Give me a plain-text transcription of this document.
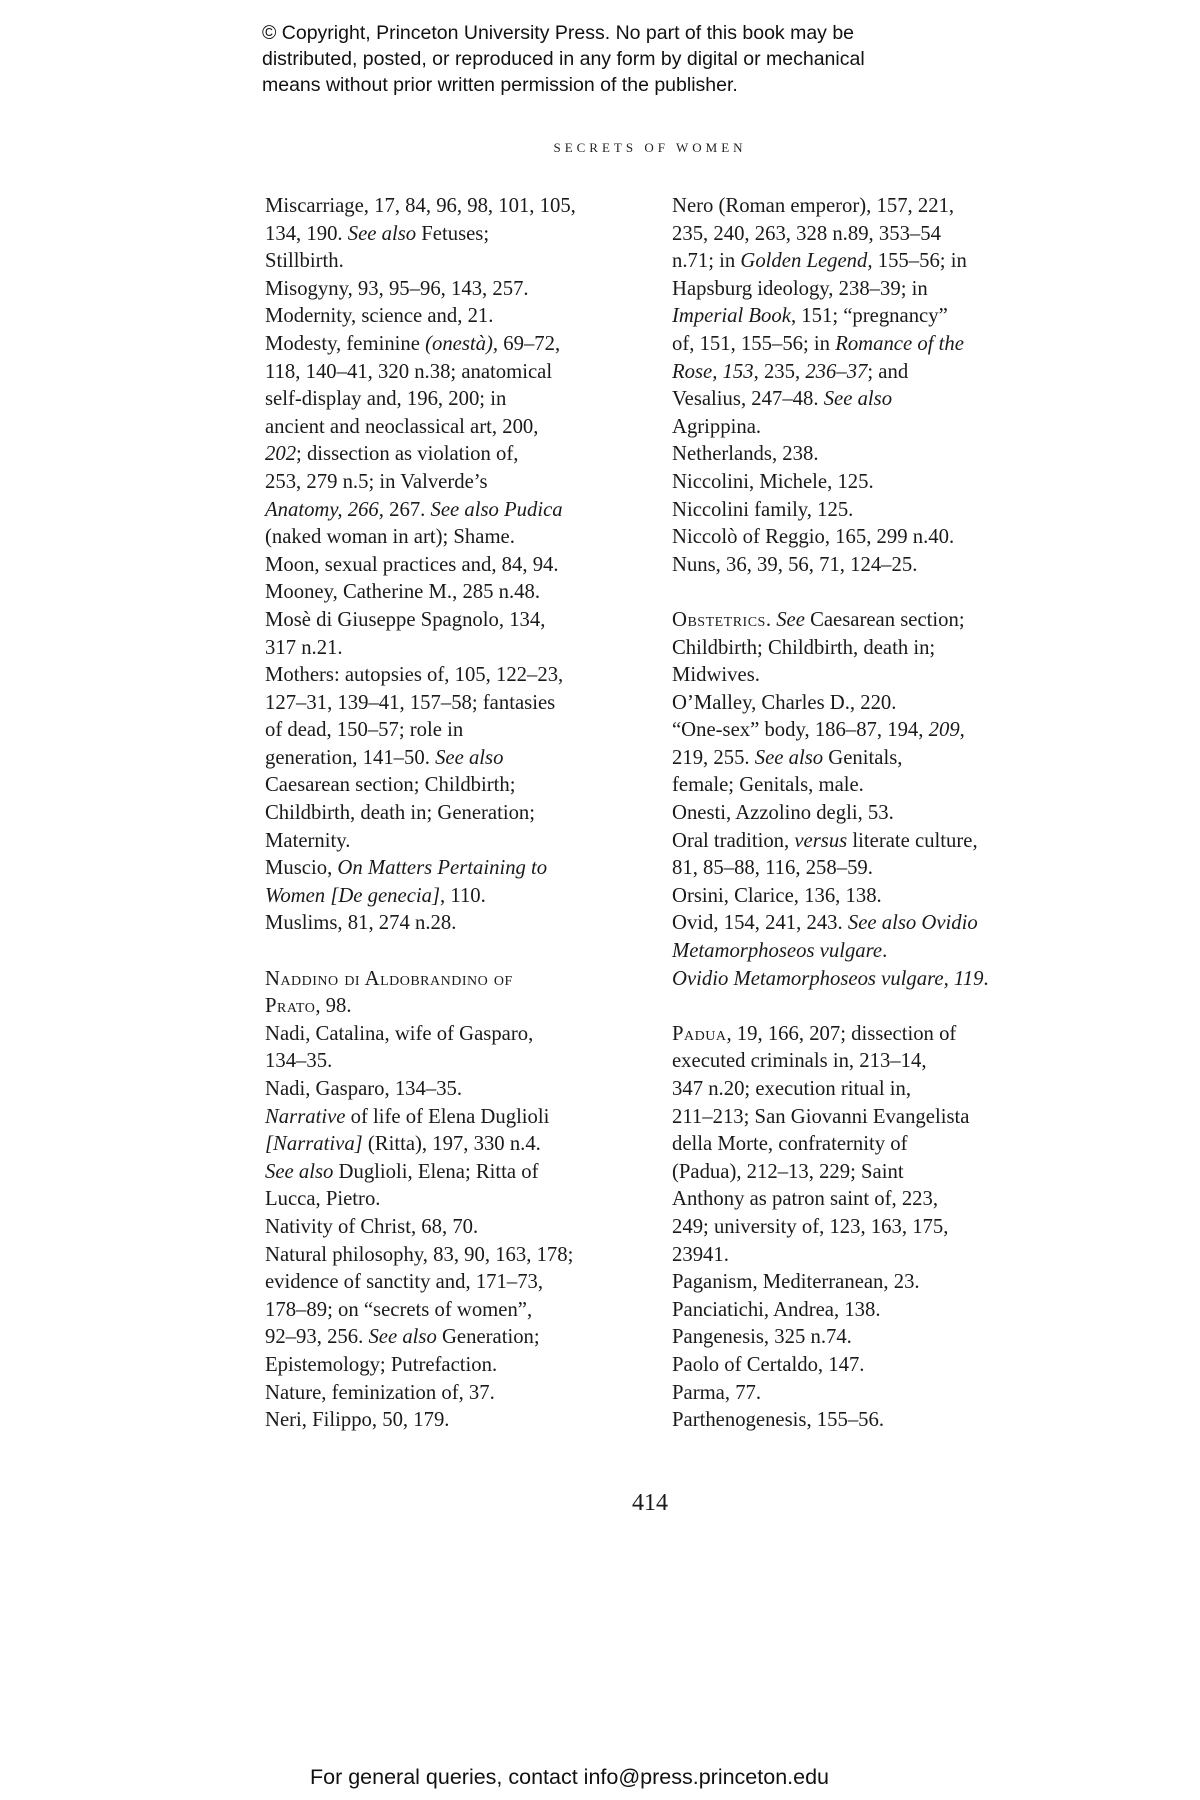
© Copyright, Princeton University Press. No part of this book may be
distributed, posted, or reproduced in any form by digital or mechanical
means without prior written permission of the publisher.
SECRETS OF WOMEN
Miscarriage, 17, 84, 96, 98, 101, 105,
134, 190. See also Fetuses;
Stillbirth.
Misogyny, 93, 95–96, 143, 257.
Modernity, science and, 21.
Modesty, feminine (onestà), 69–72,
118, 140–41, 320 n.38; anatomical
self-display and, 196, 200; in
ancient and neoclassical art, 200,
202; dissection as violation of,
253, 279 n.5; in Valverde’s
Anatomy, 266, 267. See also Pudica
(naked woman in art); Shame.
Moon, sexual practices and, 84, 94.
Mooney, Catherine M., 285 n.48.
Mosè di Giuseppe Spagnolo, 134,
317 n.21.
Mothers: autopsies of, 105, 122–23,
127–31, 139–41, 157–58; fantasies
of dead, 150–57; role in
generation, 141–50. See also
Caesarean section; Childbirth;
Childbirth, death in; Generation;
Maternity.
Muscio, On Matters Pertaining to
Women [De genecia], 110.
Muslims, 81, 274 n.28.
Naddino di Aldobrandino of
Prato, 98.
Nadi, Catalina, wife of Gasparo,
134–35.
Nadi, Gasparo, 134–35.
Narrative of life of Elena Duglioli
[Narrativa] (Ritta), 197, 330 n.4.
See also Duglioli, Elena; Ritta of
Lucca, Pietro.
Nativity of Christ, 68, 70.
Natural philosophy, 83, 90, 163, 178;
evidence of sanctity and, 171–73,
178–89; on “secrets of women”,
92–93, 256. See also Generation;
Epistemology; Putrefaction.
Nature, feminization of, 37.
Neri, Filippo, 50, 179.
Nero (Roman emperor), 157, 221,
235, 240, 263, 328 n.89, 353–54
n.71; in Golden Legend, 155–56; in
Hapsburg ideology, 238–39; in
Imperial Book, 151; “pregnancy”
of, 151, 155–56; in Romance of the
Rose, 153, 235, 236–37; and
Vesalius, 247–48. See also
Agrippina.
Netherlands, 238.
Niccolini, Michele, 125.
Niccolini family, 125.
Niccolò of Reggio, 165, 299 n.40.
Nuns, 36, 39, 56, 71, 124–25.
Obstetrics. See Caesarean section;
Childbirth; Childbirth, death in;
Midwives.
O’Malley, Charles D., 220.
“One-sex” body, 186–87, 194, 209,
219, 255. See also Genitals,
female; Genitals, male.
Onesti, Azzolino degli, 53.
Oral tradition, versus literate culture,
81, 85–88, 116, 258–59.
Orsini, Clarice, 136, 138.
Ovid, 154, 241, 243. See also Ovidio
Metamorphoseos vulgare.
Ovidio Metamorphoseos vulgare, 119.
Padua, 19, 166, 207; dissection of
executed criminals in, 213–14,
347 n.20; execution ritual in,
211–213; San Giovanni Evangelista
della Morte, confraternity of
(Padua), 212–13, 229; Saint
Anthony as patron saint of, 223,
249; university of, 123, 163, 175,
23941.
Paganism, Mediterranean, 23.
Panciatichi, Andrea, 138.
Pangenesis, 325 n.74.
Paolo of Certaldo, 147.
Parma, 77.
Parthenogenesis, 155–56.
414
For general queries, contact info@press.princeton.edu
